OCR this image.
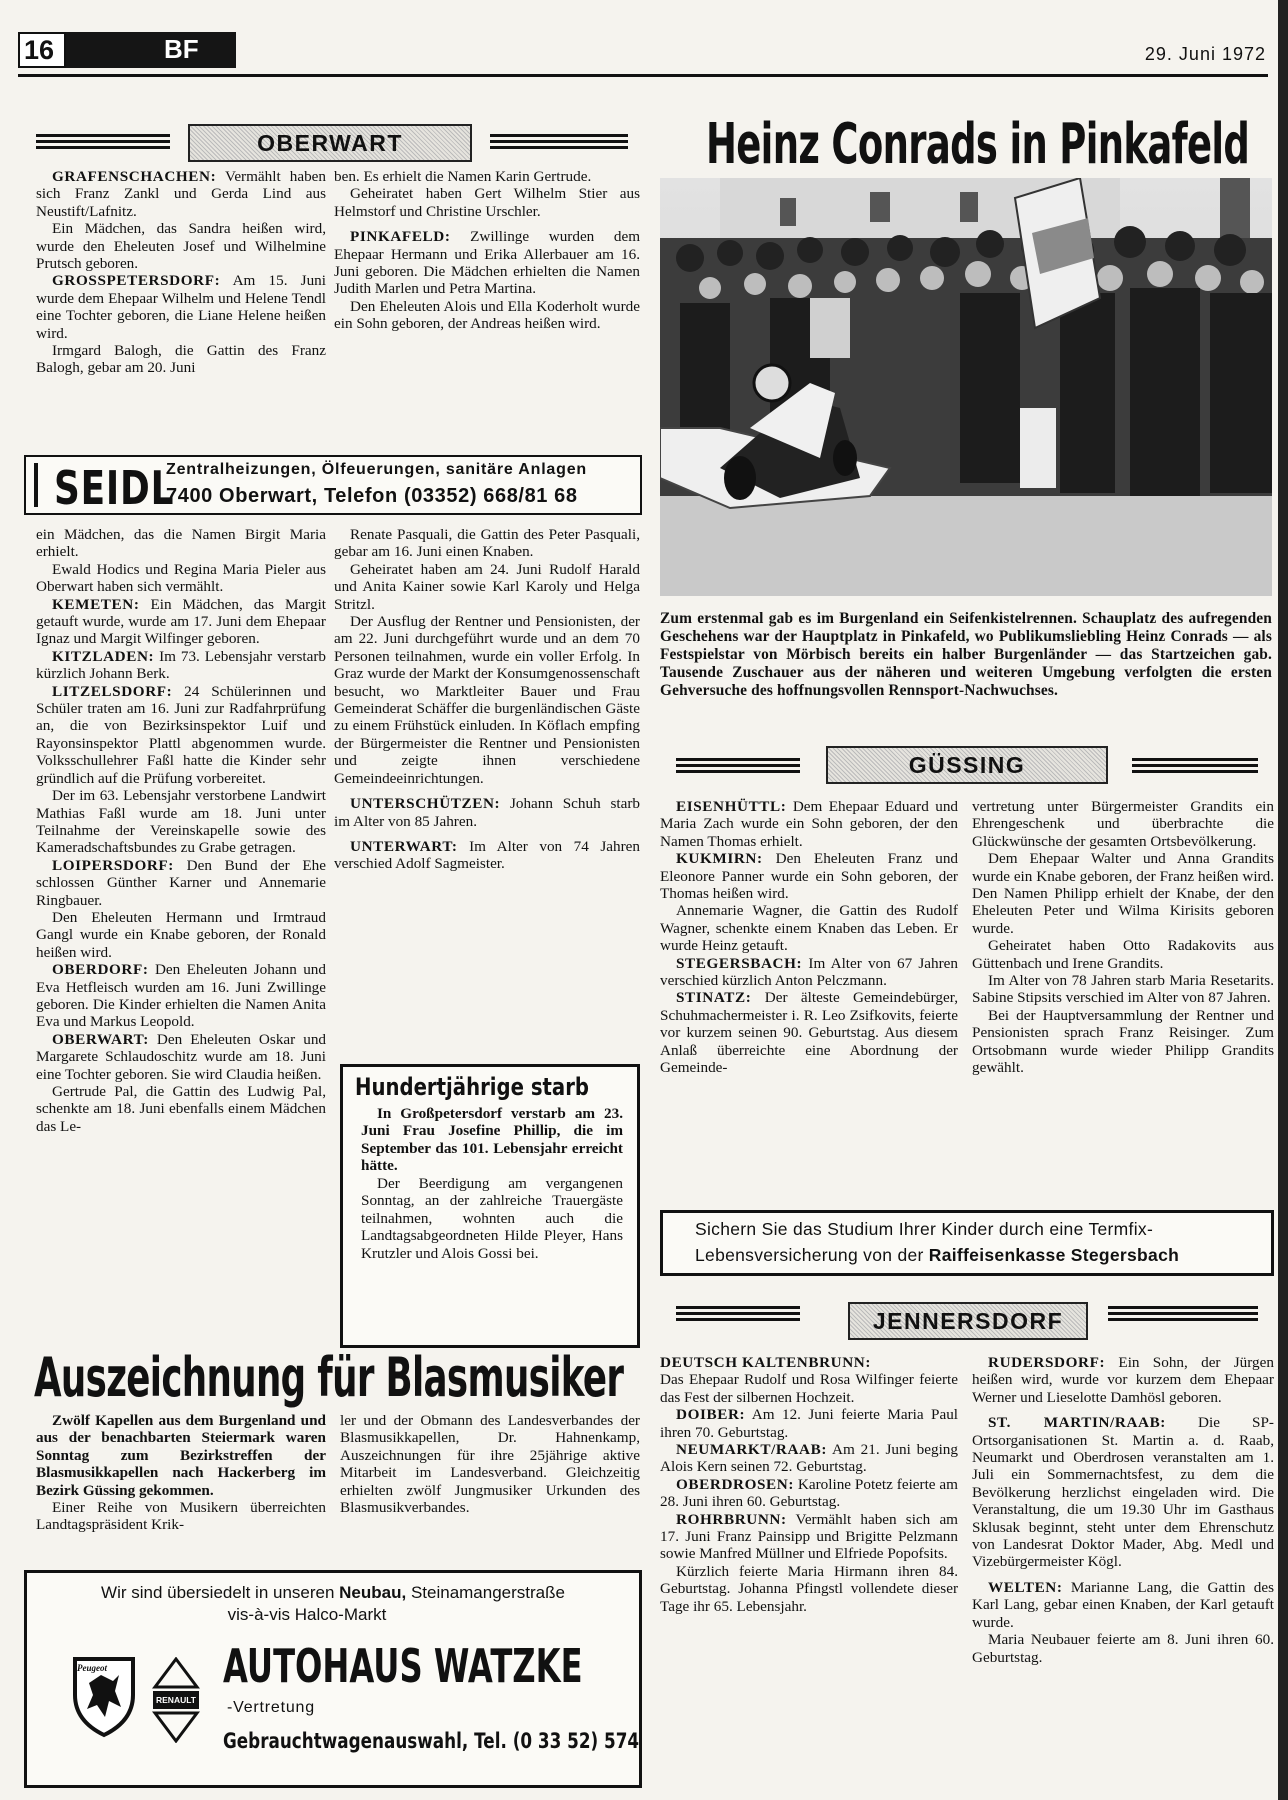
16	BF	29. Juni 1972
OBERWART

GRAFENSCHACHEN: Vermählt haben sich Franz Zankl und Gerda Lind aus Neustift/Lafnitz.

Ein Mädchen, das Sandra heißen wird, wurde den Eheleuten Josef und Wilhelmine Prutsch geboren.

GROSSPETERSDORF: Am 15. Juni wurde dem Ehepaar Wilhelm und Helene Tendl eine Tochter geboren, die Liane Helene heißen wird.

Irmgard Balogh, die Gattin des Franz Balogh, gebar am 20. Juni

ben. Es erhielt die Namen Karin Gertrude.

Geheiratet haben Gert Wilhelm Stier aus Helmstorf und Christine Urschler.

PINKAFELD: Zwillinge wurden dem Ehepaar Hermann und Erika Allerbauer am 16. Juni geboren. Die Mädchen erhielten die Namen Judith Marlen und Petra Martina.

Den Eheleuten Alois und Ella Koderholt wurde ein Sohn geboren, der Andreas heißen wird.

SEIDL
Zentralheizungen, Ölfeuerungen, sanitäre Anlagen
7400 Oberwart, Telefon (03352) 668/81 68

ein Mädchen, das die Namen Birgit Maria erhielt.

Ewald Hodics und Regina Maria Pieler aus Oberwart haben sich vermählt.

KEMETEN: Ein Mädchen, das Margit getauft wurde, wurde am 17. Juni dem Ehepaar Ignaz und Margit Wilfinger geboren.

KITZLADEN: Im 73. Lebensjahr verstarb kürzlich Johann Berk.

LITZELSDORF: 24 Schülerinnen und Schüler traten am 16. Juni zur Radfahrprüfung an, die von Bezirksinspektor Luif und Rayonsinspektor Plattl abgenommen wurde. Volksschullehrer Faßl hatte die Kinder sehr gründlich auf die Prüfung vorbereitet.

Der im 63. Lebensjahr verstorbene Landwirt Mathias Faßl wurde am 18. Juni unter Teilnahme der Vereinskapelle sowie des Kameradschaftsbundes zu Grabe getragen.

LOIPERSDORF: Den Bund der Ehe schlossen Günther Karner und Annemarie Ringbauer.

Den Eheleuten Hermann und Irmtraud Gangl wurde ein Knabe geboren, der Ronald heißen wird.

OBERDORF: Den Eheleuten Johann und Eva Hetfleisch wurden am 16. Juni Zwillinge geboren. Die Kinder erhielten die Namen Anita Eva und Markus Leopold.

OBERWART: Den Eheleuten Oskar und Margarete Schlaudoschitz wurde am 18. Juni eine Tochter geboren. Sie wird Claudia heißen.

Gertrude Pal, die Gattin des Ludwig Pal, schenkte am 18. Juni ebenfalls einem Mädchen das Le-

Renate Pasquali, die Gattin des Peter Pasquali, gebar am 16. Juni einen Knaben.

Geheiratet haben am 24. Juni Rudolf Harald und Anita Kainer sowie Karl Karoly und Helga Stritzl.

Der Ausflug der Rentner und Pensionisten, der am 22. Juni durchgeführt wurde und an dem 70 Personen teilnahmen, wurde ein voller Erfolg. In Graz wurde der Markt der Konsumgenossenschaft besucht, wo Marktleiter Bauer und Frau Gemeinderat Schäffer die burgenländischen Gäste zu einem Frühstück einluden. In Köflach empfing der Bürgermeister die Rentner und Pensionisten und zeigte ihnen verschiedene Gemeindeeinrichtungen.

UNTERSCHÜTZEN: Johann Schuh starb im Alter von 85 Jahren.

UNTERWART: Im Alter von 74 Jahren verschied Adolf Sagmeister.

Hundertjährige starb
In Großpetersdorf verstarb am 23. Juni Frau Josefine Phillip, die im September das 101. Lebensjahr erreicht hätte.
Der Beerdigung am vergangenen Sonntag, an der zahlreiche Trauergäste teilnahmen, wohnten auch die Landtagsabgeordneten Hilde Pleyer, Hans Krutzler und Alois Gossi bei.
Heinz Conrads in Pinkafeld
Zum erstenmal gab es im Burgenland ein Seifenkistelrennen. Schauplatz des aufregenden Geschehens war der Hauptplatz in Pinkafeld, wo Publikumsliebling Heinz Conrads — als Festspielstar von Mörbisch bereits ein halber Burgenländer — das Startzeichen gab. Tausende Zuschauer aus der näheren und weiteren Umgebung verfolgten die ersten Gehversuche des hoffnungsvollen Rennsport-Nachwuchses.
GÜSSING

EISENHÜTTL: Dem Ehepaar Eduard und Maria Zach wurde ein Sohn geboren, der den Namen Thomas erhielt.

KUKMIRN: Den Eheleuten Franz und Eleonore Panner wurde ein Sohn geboren, der Thomas heißen wird.

Annemarie Wagner, die Gattin des Rudolf Wagner, schenkte einem Knaben das Leben. Er wurde Heinz getauft.

STEGERSBACH: Im Alter von 67 Jahren verschied kürzlich Anton Pelczmann.

STINATZ: Der älteste Gemeindebürger, Schuhmachermeister i. R. Leo Zsifkovits, feierte vor kurzem seinen 90. Geburtstag. Aus diesem Anlaß überreichte eine Abordnung der Gemeinde-

vertretung unter Bürgermeister Grandits ein Ehrengeschenk und überbrachte die Glückwünsche der gesamten Ortsbevölkerung.

Dem Ehepaar Walter und Anna Grandits wurde ein Knabe geboren, der Franz heißen wird. Den Namen Philipp erhielt der Knabe, der den Eheleuten Peter und Wilma Kirisits geboren wurde.

Geheiratet haben Otto Radakovits aus Güttenbach und Irene Grandits.

Im Alter von 78 Jahren starb Maria Resetarits. Sabine Stipsits verschied im Alter von 87 Jahren.

Bei der Hauptversammlung der Rentner und Pensionisten sprach Franz Reisinger. Zum Ortsobmann wurde wieder Philipp Grandits gewählt.

Sichern Sie das Studium Ihrer Kinder durch eine Termfix-
Lebensversicherung von der Raiffeisenkasse Stegersbach
JENNERSDORF

DEUTSCH KALTENBRUNN:
Das Ehepaar Rudolf und Rosa Wilfinger feierte das Fest der silbernen Hochzeit.

DOIBER: Am 12. Juni feierte Maria Paul ihren 70. Geburtstag.

NEUMARKT/RAAB: Am 21. Juni beging Alois Kern seinen 72. Geburtstag.

OBERDROSEN: Karoline Potetz feierte am 28. Juni ihren 60. Geburtstag.

ROHRBRUNN: Vermählt haben sich am 17. Juni Franz Painsipp und Brigitte Pelzmann sowie Manfred Müllner und Elfriede Popofsits.

Kürzlich feierte Maria Hirmann ihren 84. Geburtstag. Johanna Pfingstl vollendete dieser Tage ihr 65. Lebensjahr.

RUDERSDORF: Ein Sohn, der Jürgen heißen wird, wurde vor kurzem dem Ehepaar Werner und Lieselotte Damhösl geboren.

ST. MARTIN/RAAB: Die SP-Ortsorganisationen St. Martin a. d. Raab, Neumarkt und Oberdrosen veranstalten am 1. Juli ein Sommernachtsfest, zu dem die Bevölkerung herzlichst eingeladen wird. Die Veranstaltung, die um 19.30 Uhr im Gasthaus Sklusak beginnt, steht unter dem Ehrenschutz von Landesrat Doktor Mader, Abg. Medl und Vizebürgermeister Kögl.

WELTEN: Marianne Lang, die Gattin des Karl Lang, gebar einen Knaben, der Karl getauft wurde.

Maria Neubauer feierte am 8. Juni ihren 60. Geburtstag.

Auszeichnung für Blasmusiker

Zwölf Kapellen aus dem Burgenland und aus der benachbarten Steiermark waren Sonntag zum Bezirkstreffen der Blasmusikkapellen nach Hackerberg im Bezirk Güssing gekommen.

Einer Reihe von Musikern überreichten Landtagspräsident Krik-

ler und der Obmann des Landesverbandes der Blasmusikkapellen, Dr. Hahnenkamp, Auszeichnungen für ihre 25jährige aktive Mitarbeit im Landesverband. Gleichzeitig erhielten zwölf Jungmusiker Urkunden des Blasmusikverbandes.
Wir sind übersiedelt in unseren Neubau, Steinamangerstraße
vis-à-vis Halco-Markt
Peugeot
RENAULT
AUTOHAUS WATZKE
-Vertretung
Gebrauchtwagenauswahl, Tel. (0 33 52) 574
